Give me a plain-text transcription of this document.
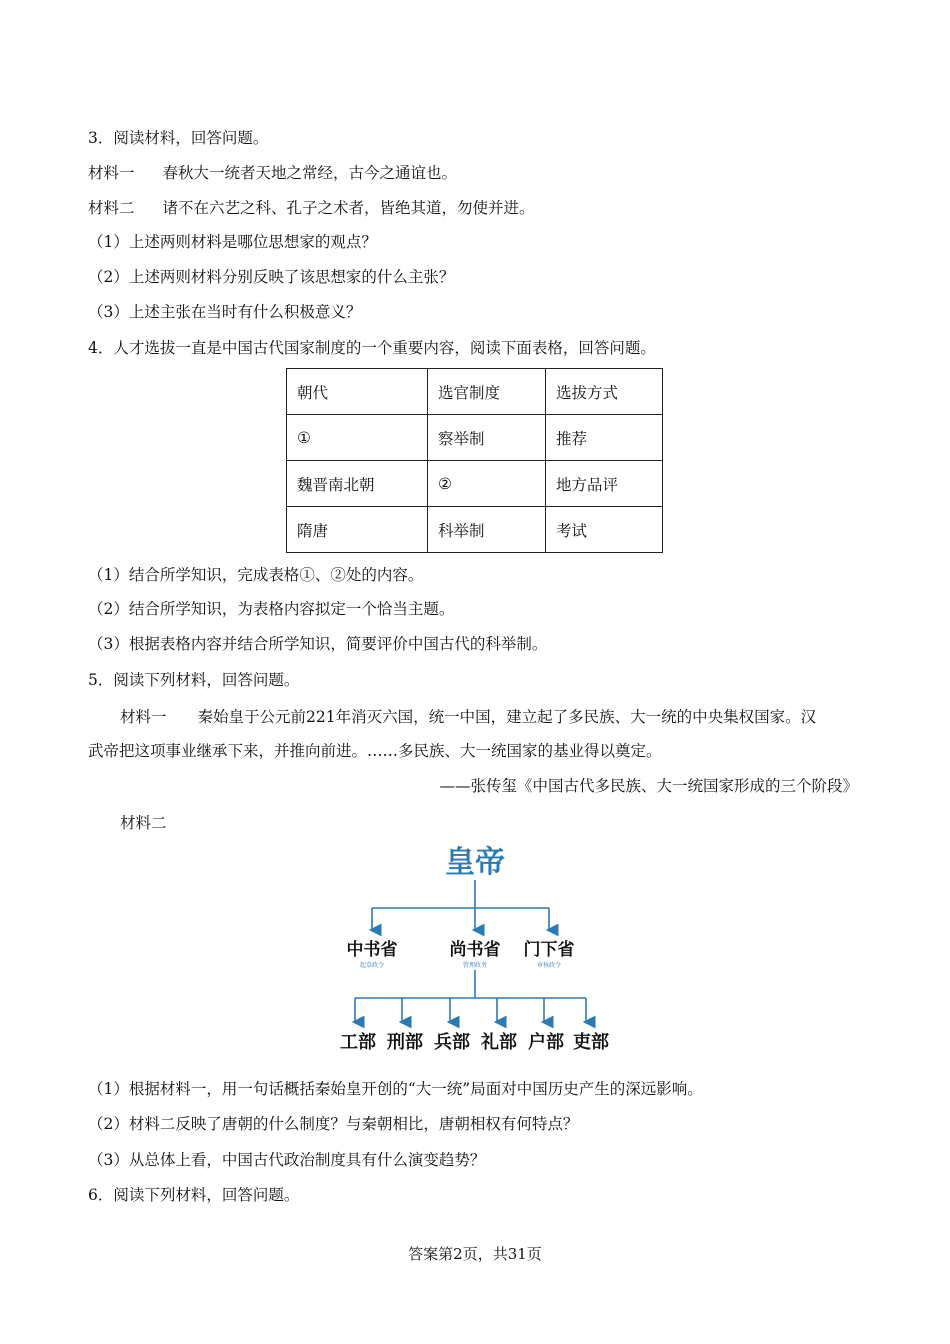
3．阅读材料，回答问题。
材料一 春秋大一统者天地之常经，古今之通谊也。
材料二 诸不在六艺之科、孔子之术者，皆绝其道，勿使并进。
（1）上述两则材料是哪位思想家的观点？
（2）上述两则材料分别反映了该思想家的什么主张？
（3）上述主张在当时有什么积极意义？
4．人才选拔一直是中国古代国家制度的一个重要内容，阅读下面表格，回答问题。
朝代	选官制度	选拔方式
①	察举制	推荐
魏晋南北朝	②	地方品评
隋唐	科举制	考试
（1）结合所学知识，完成表格①、②处的内容。
（2）结合所学知识，为表格内容拟定一个恰当主题。
（3）根据表格内容并结合所学知识，简要评价中国古代的科举制。
5．阅读下列材料，回答问题。
材料一　　秦始皇于公元前221年消灭六国，统一中国，建立起了多民族、大一统的中央集权国家。汉
武帝把这项事业继承下来，并推向前进。……多民族、大一统国家的基业得以奠定。
——张传玺《中国古代多民族、大一统国家形成的三个阶段》
材料二
皇帝
中书省
起草政令
尚书省
管理政务
门下省
审核政令
工部 刑部 兵部 礼部 户部 吏部
（1）根据材料一，用一句话概括秦始皇开创的“大一统”局面对中国历史产生的深远影响。
（2）材料二反映了唐朝的什么制度？与秦朝相比，唐朝相权有何特点？
（3）从总体上看，中国古代政治制度具有什么演变趋势？
6．阅读下列材料，回答问题。
答案第2页，共31页
